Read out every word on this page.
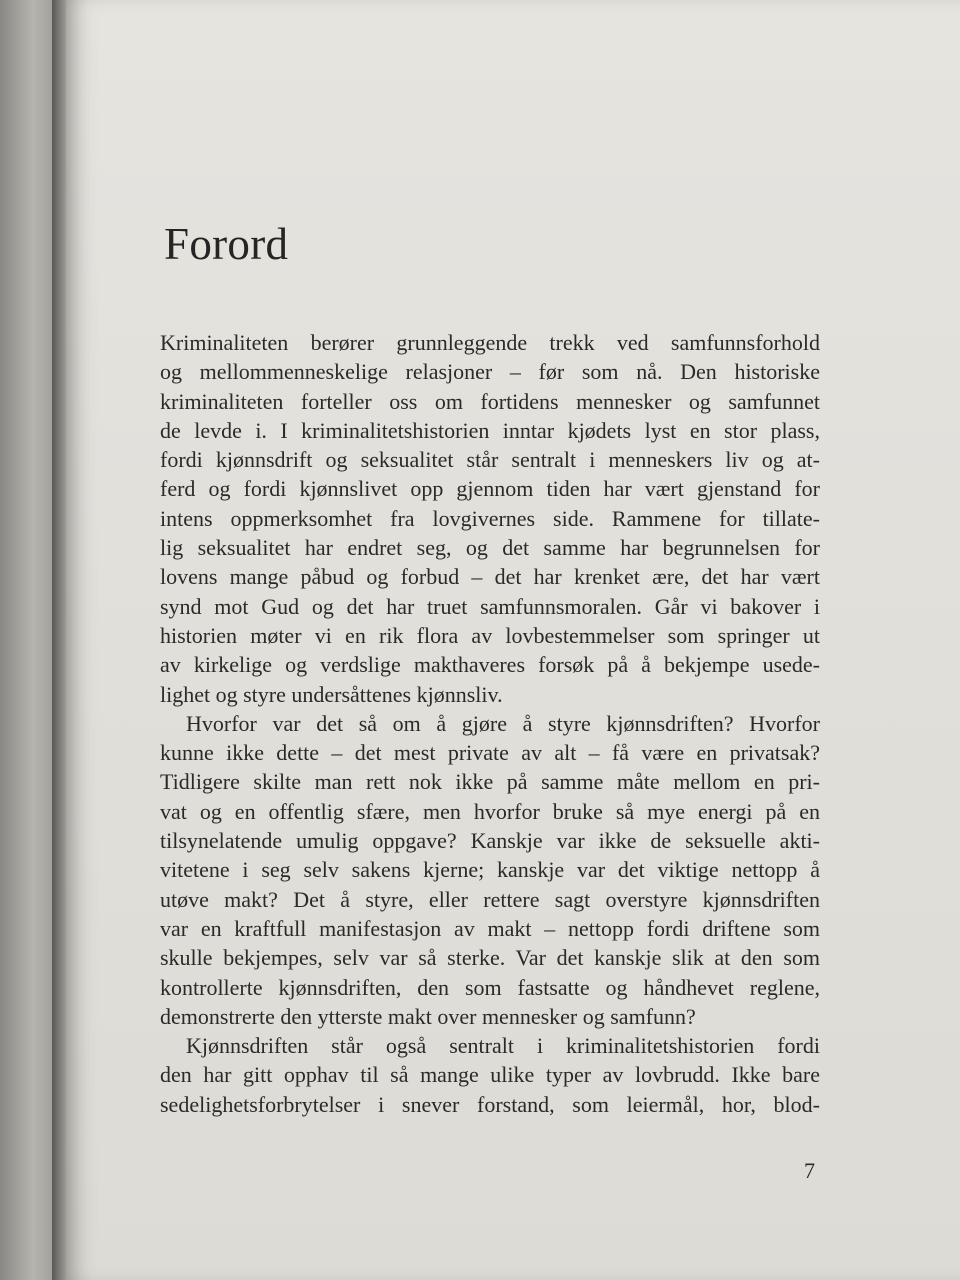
Forord

Kriminaliteten berører grunnleggende trekk ved samfunnsforhold
og mellommenneskelige relasjoner – før som nå. Den historiske
kriminaliteten forteller oss om fortidens mennesker og samfunnet
de levde i. I kriminalitetshistorien inntar kjødets lyst en stor plass,
fordi kjønnsdrift og seksualitet står sentralt i menneskers liv og at-
ferd og fordi kjønnslivet opp gjennom tiden har vært gjenstand for
intens oppmerksomhet fra lovgivernes side. Rammene for tillate-
lig seksualitet har endret seg, og det samme har begrunnelsen for
lovens mange påbud og forbud – det har krenket ære, det har vært
synd mot Gud og det har truet samfunnsmoralen. Går vi bakover i
historien møter vi en rik flora av lovbestemmelser som springer ut
av kirkelige og verdslige makthaveres forsøk på å bekjempe usede-
lighet og styre undersåttenes kjønnsliv.

Hvorfor var det så om å gjøre å styre kjønnsdriften? Hvorfor
kunne ikke dette – det mest private av alt – få være en privatsak?
Tidligere skilte man rett nok ikke på samme måte mellom en pri-
vat og en offentlig sfære, men hvorfor bruke så mye energi på en
tilsynelatende umulig oppgave? Kanskje var ikke de seksuelle akti-
vitetene i seg selv sakens kjerne; kanskje var det viktige nettopp å
utøve makt? Det å styre, eller rettere sagt overstyre kjønnsdriften
var en kraftfull manifestasjon av makt – nettopp fordi driftene som
skulle bekjempes, selv var så sterke. Var det kanskje slik at den som
kontrollerte kjønnsdriften, den som fastsatte og håndhevet reglene,
demonstrerte den ytterste makt over mennesker og samfunn?

Kjønnsdriften står også sentralt i kriminalitetshistorien fordi
den har gitt opphav til så mange ulike typer av lovbrudd. Ikke bare
sedelighetsforbrytelser i snever forstand, som leiermål, hor, blod-

7
